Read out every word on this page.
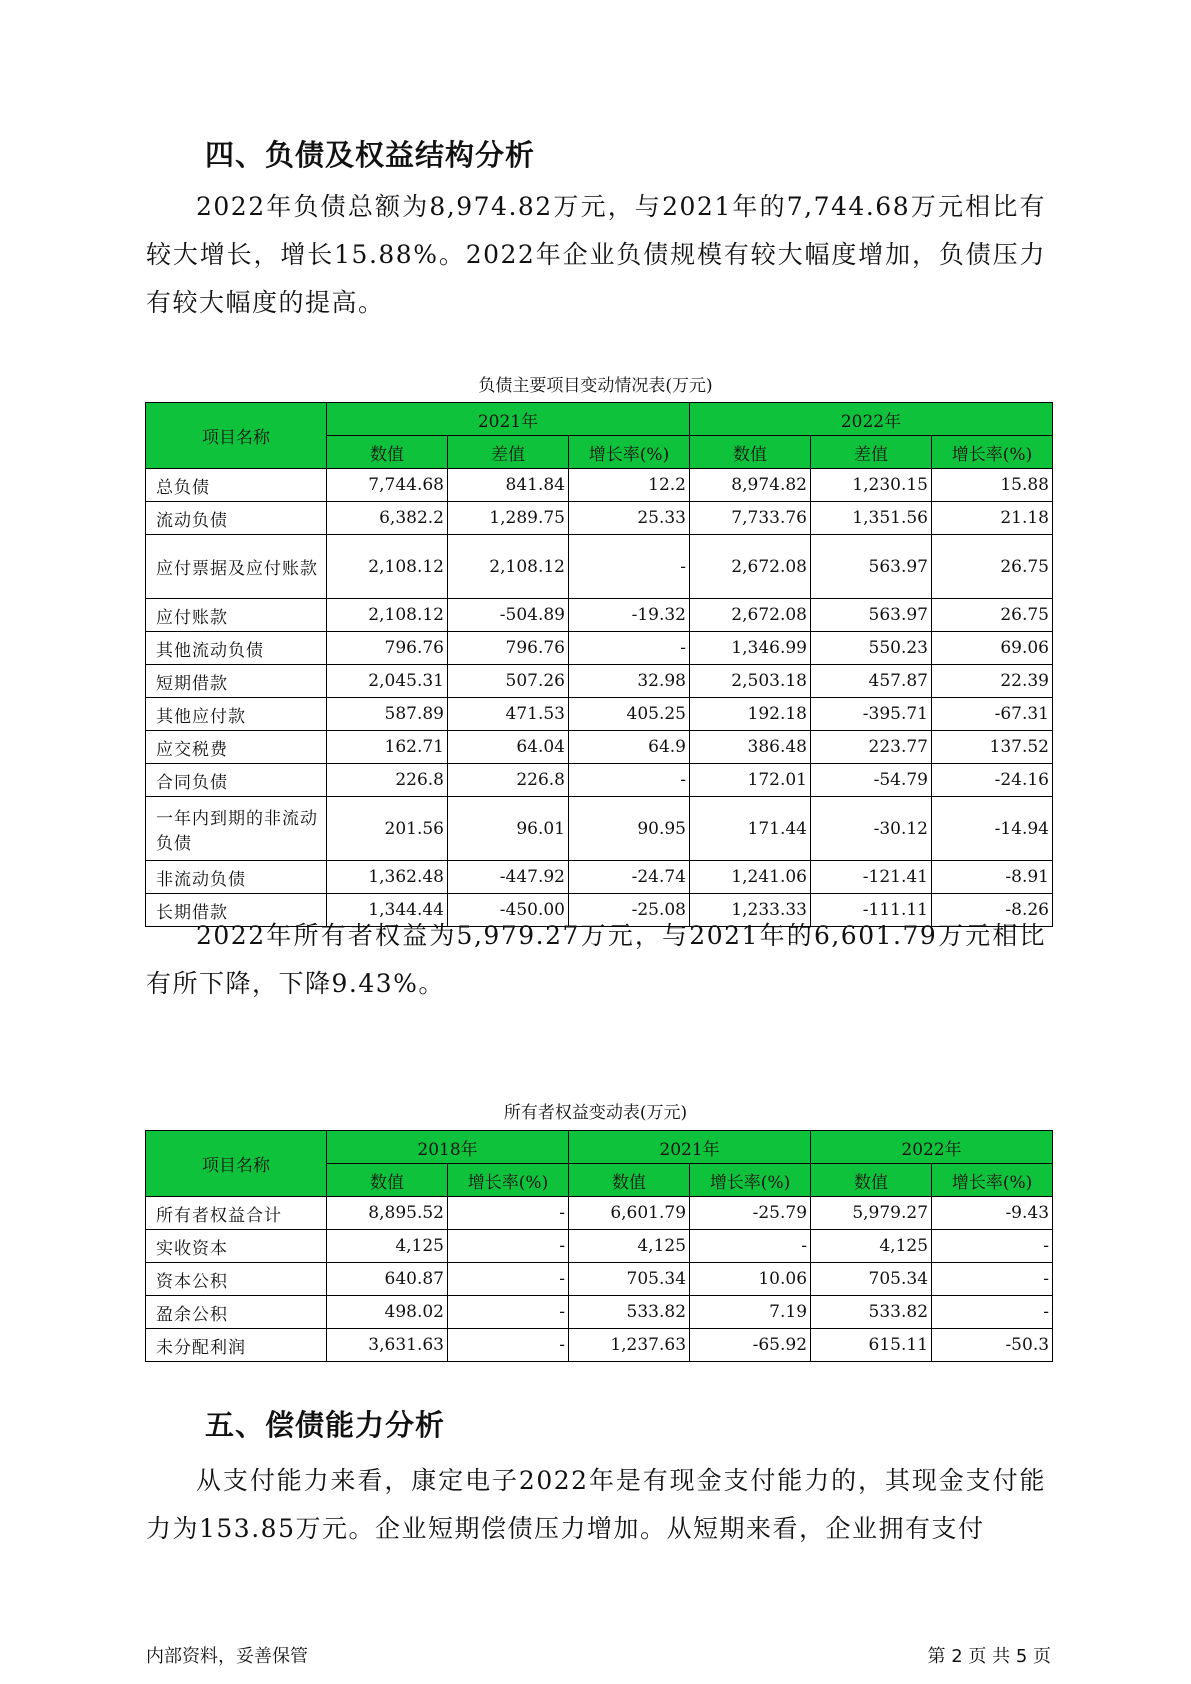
四、负债及权益结构分析
2022年负债总额为8,974.82万元，与2021年的7,744.68万元相比有较大增长，增长15.88%。2022年企业负债规模有较大幅度增加，负债压力有较大幅度的提高。
负债主要项目变动情况表(万元)
项目名称	2021年			2022年		
	数值	差值	增长率(%)	数值	差值	增长率(%)
总负债	7,744.68	841.84	12.2	8,974.82	1,230.15	15.88
流动负债	6,382.2	1,289.75	25.33	7,733.76	1,351.56	21.18
应付票据及应付账款	2,108.12	2,108.12	-	2,672.08	563.97	26.75
应付账款	2,108.12	-504.89	-19.32	2,672.08	563.97	26.75
其他流动负债	796.76	796.76	-	1,346.99	550.23	69.06
短期借款	2,045.31	507.26	32.98	2,503.18	457.87	22.39
其他应付款	587.89	471.53	405.25	192.18	-395.71	-67.31
应交税费	162.71	64.04	64.9	386.48	223.77	137.52
合同负债	226.8	226.8	-	172.01	-54.79	-24.16
一年内到期的非流动负债	201.56	96.01	90.95	171.44	-30.12	-14.94
非流动负债	1,362.48	-447.92	-24.74	1,241.06	-121.41	-8.91
长期借款	1,344.44	-450.00	-25.08	1,233.33	-111.11	-8.26
2022年所有者权益为5,979.27万元，与2021年的6,601.79万元相比有所下降，下降9.43%。
所有者权益变动表(万元)
项目名称	2018年		2021年		2022年	
	数值	增长率(%)	数值	增长率(%)	数值	增长率(%)
所有者权益合计	8,895.52	-	6,601.79	-25.79	5,979.27	-9.43
实收资本	4,125	-	4,125	-	4,125	-
资本公积	640.87	-	705.34	10.06	705.34	-
盈余公积	498.02	-	533.82	7.19	533.82	-
未分配利润	3,631.63	-	1,237.63	-65.92	615.11	-50.3
五、偿债能力分析
从支付能力来看，康定电子2022年是有现金支付能力的，其现金支付能力为153.85万元。企业短期偿债压力增加。从短期来看，企业拥有支付
内部资料，妥善保管	第 2 页 共 5 页
